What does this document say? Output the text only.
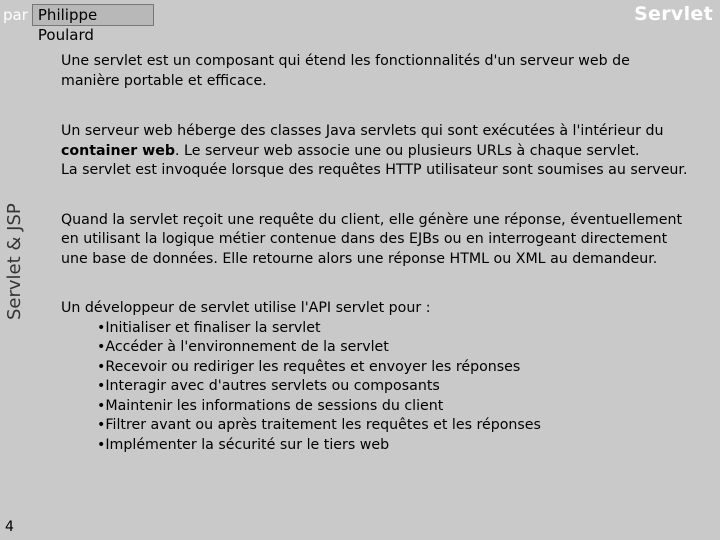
par Philippe Poulard
Servlet
Servlet & JSP
4

Une servlet est un composant qui étend les fonctionnalités d'un serveur web de manière portable et efficace.

Un serveur web héberge des classes Java servlets qui sont exécutées à l'intérieur du container web. Le serveur web associe une ou plusieurs URLs à chaque servlet.

La servlet est invoquée lorsque des requêtes HTTP utilisateur sont soumises au serveur.

Quand la servlet reçoit une requête du client, elle génère une réponse, éventuellement en utilisant la logique métier contenue dans des EJBs ou en interrogeant directement une base de données. Elle retourne alors une réponse HTML ou XML au demandeur.

Un développeur de servlet utilise l'API servlet pour :

•Initialiser et finaliser la servlet
•Accéder à l'environnement de la servlet
•Recevoir ou rediriger les requêtes et envoyer les réponses
•Interagir avec d'autres servlets ou composants
•Maintenir les informations de sessions du client
•Filtrer avant ou après traitement les requêtes et les réponses
•Implémenter la sécurité sur le tiers web
